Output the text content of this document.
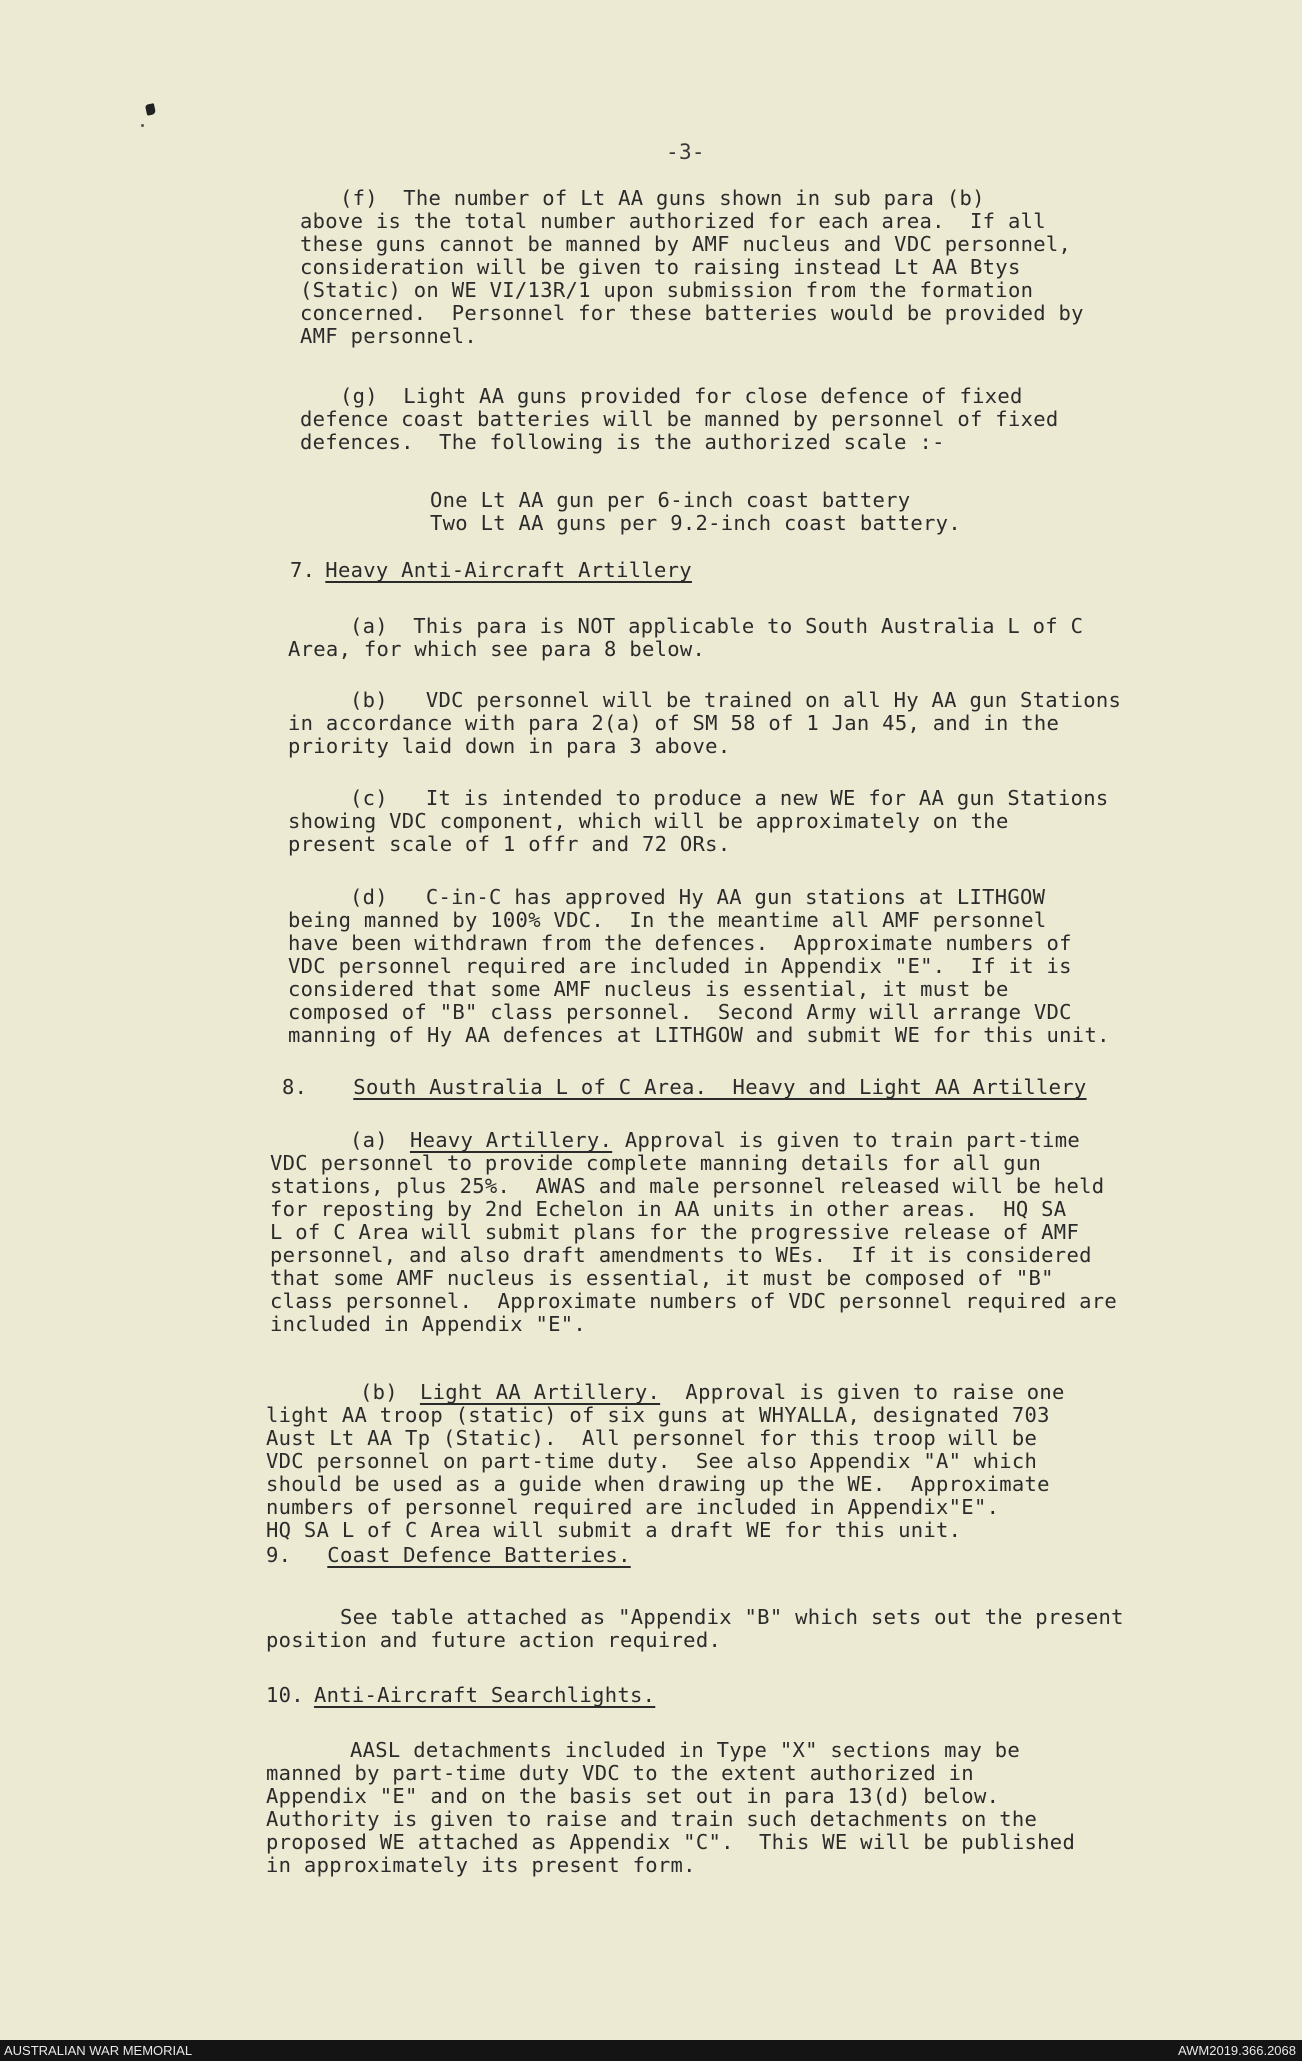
-3-
(f)  The number of Lt AA guns shown in sub para (b)
above is the total number authorized for each area.  If all
these guns cannot be manned by AMF nucleus and VDC personnel,
consideration will be given to raising instead Lt AA Btys
(Static) on WE VI/13R/1 upon submission from the formation
concerned.  Personnel for these batteries would be provided by
AMF personnel.
(g)  Light AA guns provided for close defence of fixed
defence coast batteries will be manned by personnel of fixed
defences.  The following is the authorized scale :-
One Lt AA gun per 6-inch coast battery
Two Lt AA guns per 9.2-inch coast battery.
7. Heavy Anti-Aircraft Artillery
(a)  This para is NOT applicable to South Australia L of C
Area, for which see para 8 below.
(b)   VDC personnel will be trained on all Hy AA gun Stations
in accordance with para 2(a) of SM 58 of 1 Jan 45, and in the
priority laid down in para 3 above.
(c)   It is intended to produce a new WE for AA gun Stations
showing VDC component, which will be approximately on the
present scale of 1 offr and 72 ORs.
(d)   C-in-C has approved Hy AA gun stations at LITHGOW
being manned by 100% VDC.  In the meantime all AMF personnel
have been withdrawn from the defences.  Approximate numbers of
VDC personnel required are included in Appendix "E".  If it is
considered that some AMF nucleus is essential, it must be
composed of "B" class personnel.  Second Army will arrange VDC
manning of Hy AA defences at LITHGOW and submit WE for this unit.
8. South Australia L of C Area.  Heavy and Light AA Artillery
(a) Heavy Artillery. Approval is given to train part-time
VDC personnel to provide complete manning details for all gun
stations, plus 25%.  AWAS and male personnel released will be held
for reposting by 2nd Echelon in AA units in other areas.  HQ SA
L of C Area will submit plans for the progressive release of AMF
personnel, and also draft amendments to WEs.  If it is considered
that some AMF nucleus is essential, it must be composed of "B"
class personnel.  Approximate numbers of VDC personnel required are
included in Appendix "E".
(b) Light AA Artillery.  Approval is given to raise one
light AA troop (static) of six guns at WHYALLA, designated 703
Aust Lt AA Tp (Static).  All personnel for this troop will be
VDC personnel on part-time duty.  See also Appendix "A" which
should be used as a guide when drawing up the WE.  Approximate
numbers of personnel required are included in Appendix"E".
HQ SA L of C Area will submit a draft WE for this unit.
9. Coast Defence Batteries.
See table attached as "Appendix "B" which sets out the present
position and future action required.
10. Anti-Aircraft Searchlights.
AASL detachments included in Type "X" sections may be
manned by part-time duty VDC to the extent authorized in
Appendix "E" and on the basis set out in para 13(d) below.
Authority is given to raise and train such detachments on the
proposed WE attached as Appendix "C".  This WE will be published
in approximately its present form.
AUSTRALIAN WAR MEMORIAL	AWM2019.366.2068
